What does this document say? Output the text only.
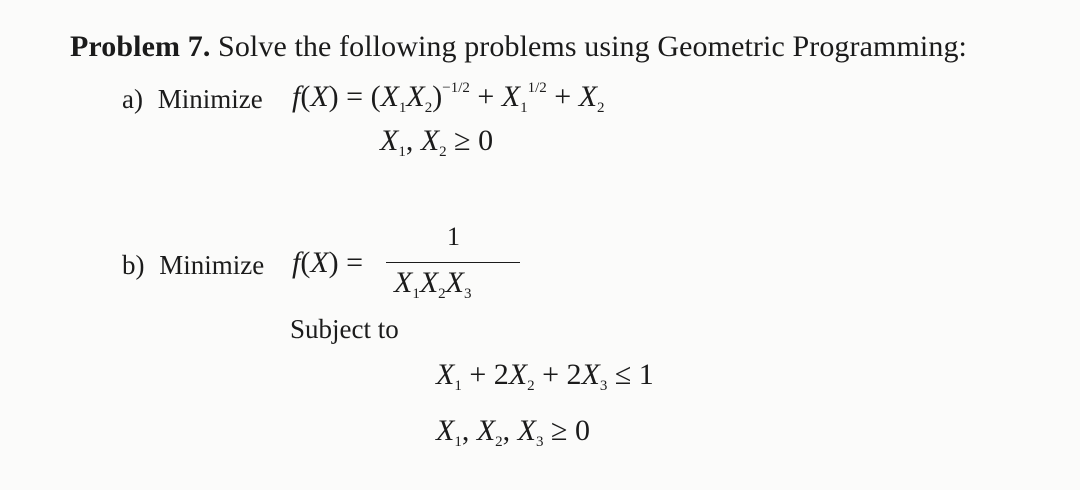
Problem 7. Solve the following problems using Geometric Programming:
a) Minimize $f(X) = (X_1X_2)^{-1/2} + X_1^{1/2} + X_2$
$X_1$, $X_2 \ge 0$
b) Minimize f(X) =
1
$X_1X_2X_3$
Subject to
$X_1 + 2X_2 + 2X_3 \le 1$
$X_1$, $X_2$, $X_3 \ge 0$
